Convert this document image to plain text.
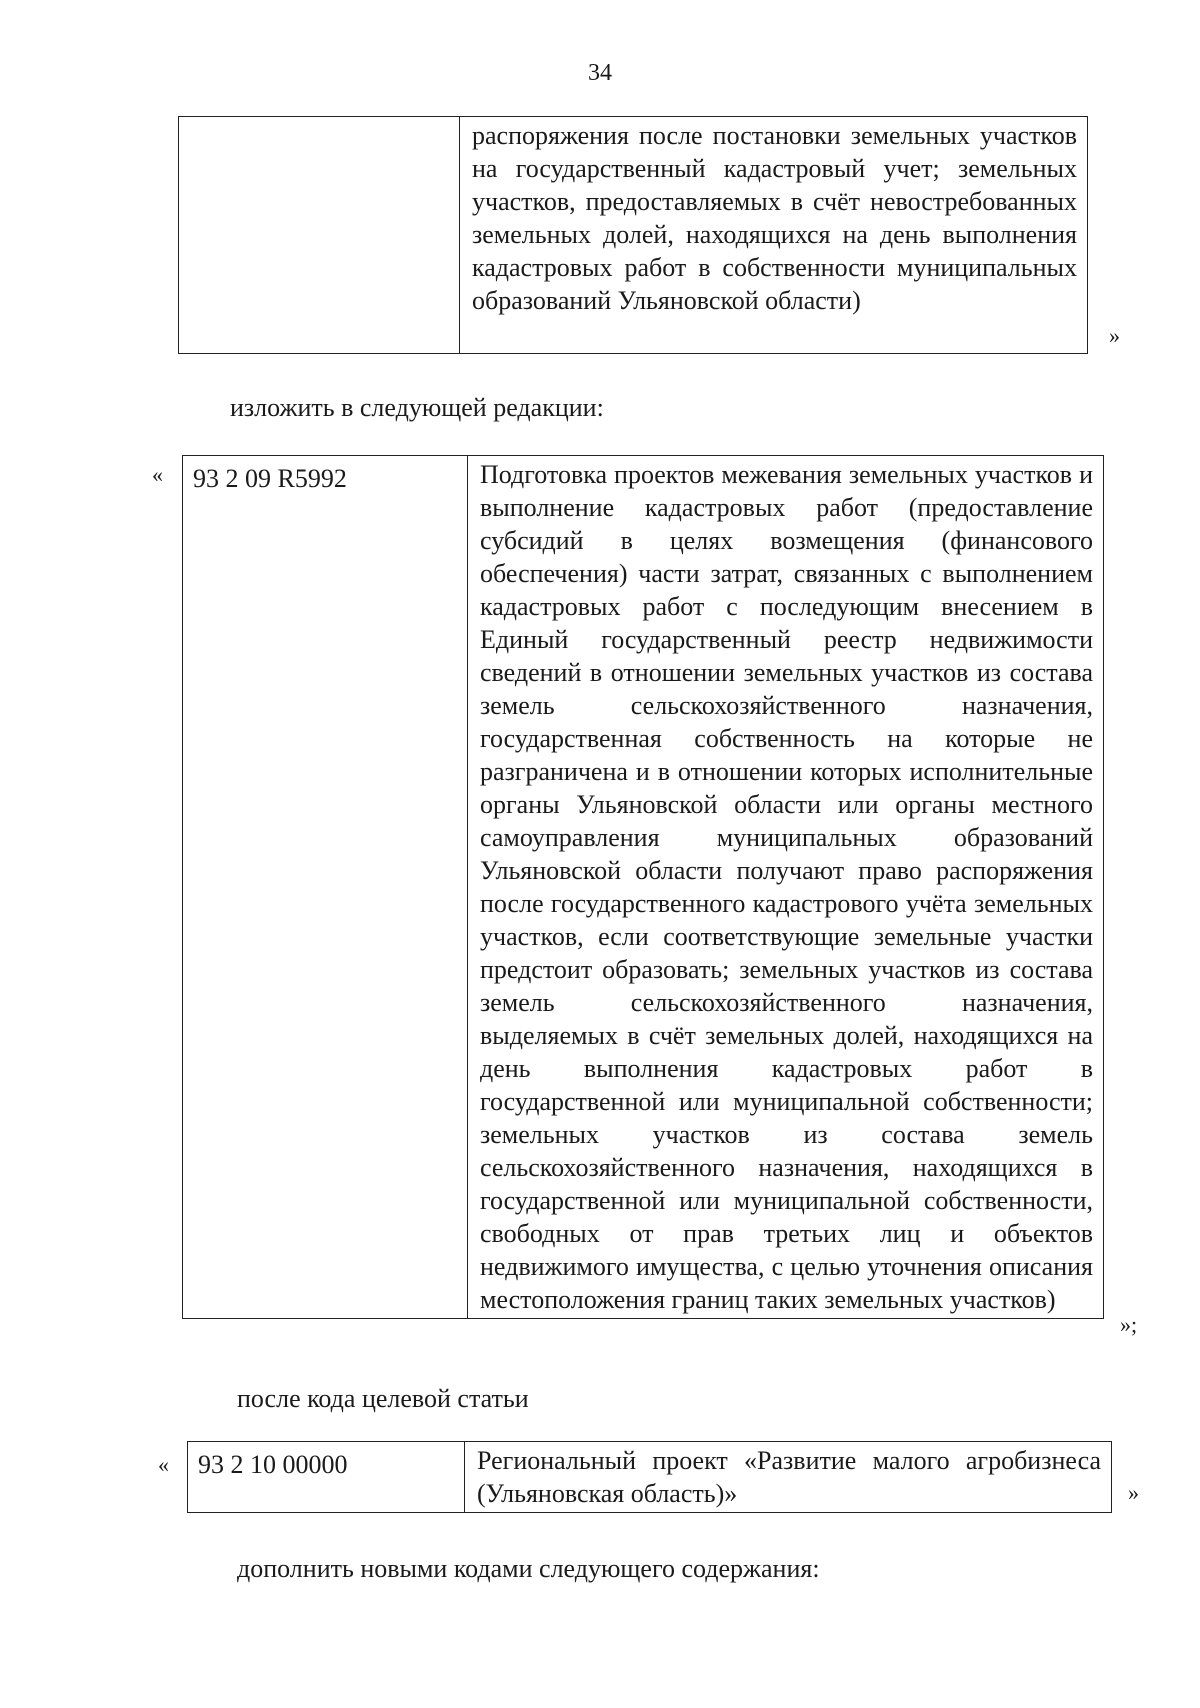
34
	распоряжения после постановки земельных участков на государственный кадастровый учет; земельных участков, предоставляемых в счёт невостребованных земельных долей, находящихся на день выполнения кадастровых работ в собственности муниципальных образований Ульяновской области)
»
изложить в следующей редакции:
« 93 2 09 R5992	Подготовка проектов межевания земельных участков и выполнение кадастровых работ (предоставление субсидий в целях возмещения (финансового обеспечения) части затрат, связанных с выполнением кадастровых работ с последующим внесением в Единый государственный реестр недвижимости сведений в отношении земельных участков из состава земель сельскохозяйственного назначения, государственная собственность на которые не разграничена и в отношении которых исполнительные органы Ульяновской области или органы местного самоуправления муниципальных образований Ульяновской области получают право распоряжения после государственного кадастрового учёта земельных участков, если соответствующие земельные участки предстоит образовать; земельных участков из состава земель сельскохозяйственного назначения, выделяемых в счёт земельных долей, находящихся на день выполнения кадастровых работ в государственной или муниципальной собственности; земельных участков из состава земель сельскохозяйственного назначения, находящихся в государственной или муниципальной собственности, свободных от прав третьих лиц и объектов недвижимого имущества, с целью уточнения описания местоположения границ таких земельных участков)
»;
после кода целевой статьи
« 93 2 10 00000	Региональный проект «Развитие малого агробизнеса (Ульяновская область)»	»
дополнить новыми кодами следующего содержания:
